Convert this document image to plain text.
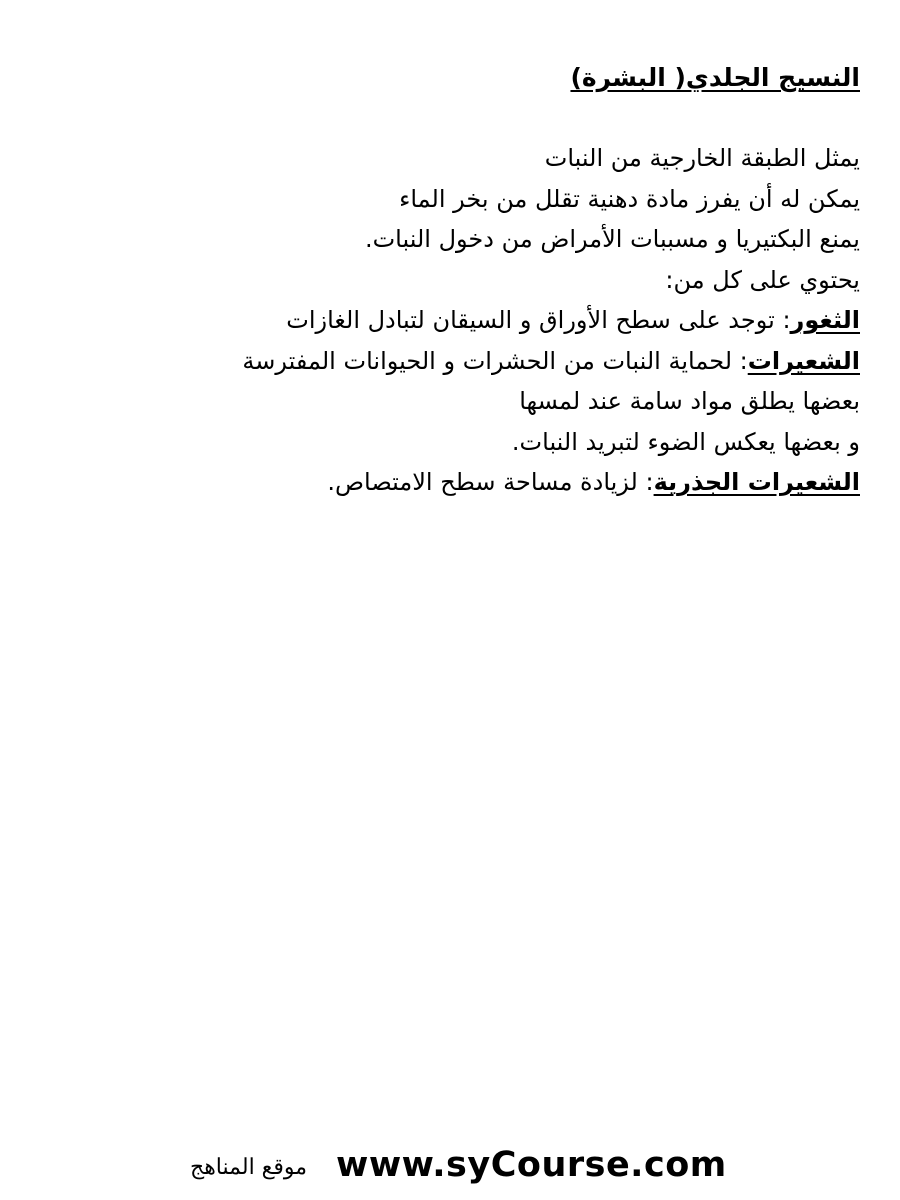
النسيج الجلدي( البشرة)
يمثل الطبقة الخارجية من النبات
يمكن له أن يفرز مادة دهنية تقلل من بخر الماء
يمنع البكتيريا و مسببات الأمراض من دخول النبات.
يحتوي على كل من:
الثغور: توجد على سطح الأوراق و السيقان لتبادل الغازات
الشعيرات: لحماية النبات من الحشرات و الحيوانات المفترسة
بعضها يطلق مواد سامة عند لمسها
و بعضها يعكس الضوء لتبريد النبات.
الشعيرات الجذرية: لزيادة مساحة سطح الامتصاص.
موقع المناهج www.syCourse.com
